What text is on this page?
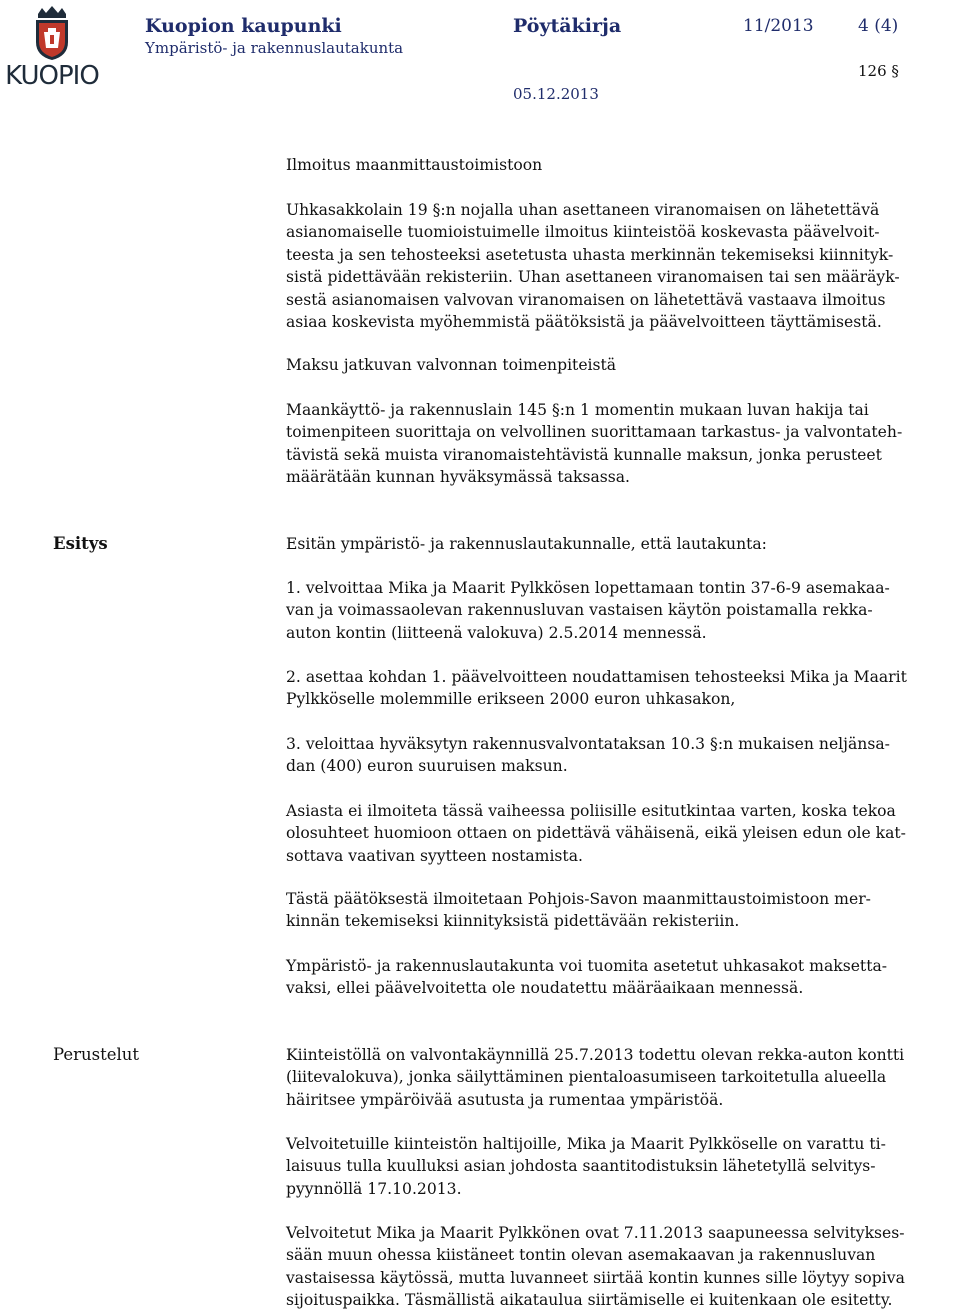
KUOPIO
Kuopion kaupunki
Ympäristö- ja rakennuslautakunta
Pöytäkirja	11/2013	4 (4)
126 §
05.12.2013
Ilmoitus maanmittaustoimistoon
Uhkasakkolain 19 §:n nojalla uhan asettaneen viranomaisen on lähetettävä
asianomaiselle tuomioistuimelle ilmoitus kiinteistöä koskevasta päävelvoit-
teesta ja sen tehosteeksi asetetusta uhasta merkinnän tekemiseksi kiinnityk-
sistä pidettävään rekisteriin. Uhan asettaneen viranomaisen tai sen määräyk-
sestä asianomaisen valvovan viranomaisen on lähetettävä vastaava ilmoitus
asiaa koskevista myöhemmistä päätöksistä ja päävelvoitteen täyttämisestä.
Maksu jatkuvan valvonnan toimenpiteistä
Maankäyttö- ja rakennuslain 145 §:n 1 momentin mukaan luvan hakija tai
toimenpiteen suorittaja on velvollinen suorittamaan tarkastus- ja valvontateh-
tävistä sekä muista viranomaistehtävistä kunnalle maksun, jonka perusteet
määrätään kunnan hyväksymässä taksassa.
Esitys	Esitän ympäristö- ja rakennuslautakunnalle, että lautakunta:
1. velvoittaa Mika ja Maarit Pylkkösen lopettamaan tontin 37-6-9 asemakaa-
van ja voimassaolevan rakennusluvan vastaisen käytön poistamalla rekka-
auton kontin (liitteenä valokuva) 2.5.2014 mennessä.
2. asettaa kohdan 1. päävelvoitteen noudattamisen tehosteeksi Mika ja Maarit
Pylkköselle molemmille erikseen 2000 euron uhkasakon,
3. veloittaa hyväksytyn rakennusvalvontataksan 10.3 §:n mukaisen neljänsa-
dan (400) euron suuruisen maksun.
Asiasta ei ilmoiteta tässä vaiheessa poliisille esitutkintaa varten, koska tekoa
olosuhteet huomioon ottaen on pidettävä vähäisenä, eikä yleisen edun ole kat-
sottava vaativan syytteen nostamista.
Tästä päätöksestä ilmoitetaan Pohjois-Savon maanmittaustoimistoon mer-
kinnän tekemiseksi kiinnityksistä pidettävään rekisteriin.
Ympäristö- ja rakennuslautakunta voi tuomita asetetut uhkasakot maksetta-
vaksi, ellei päävelvoitetta ole noudatettu määräaikaan mennessä.
Perustelut	Kiinteistöllä on valvontakäynnillä 25.7.2013 todettu olevan rekka-auton kontti
(liitevalokuva), jonka säilyttäminen pientaloasumiseen tarkoitetulla alueella
häiritsee ympäröivää asutusta ja rumentaa ympäristöä.
Velvoitetuille kiinteistön haltijoille, Mika ja Maarit Pylkköselle on varattu ti-
laisuus tulla kuulluksi asian johdosta saantitodistuksin lähetetyllä selvitys-
pyynnöllä 17.10.2013.
Velvoitetut Mika ja Maarit Pylkkönen ovat 7.11.2013 saapuneessa selvitykses-
sään muun ohessa kiistäneet tontin olevan asemakaavan ja rakennusluvan
vastaisessa käytössä, mutta luvanneet siirtää kontin kunnes sille löytyy sopiva
sijoituspaikka. Täsmällistä aikataulua siirtämiselle ei kuitenkaan ole esitetty.
